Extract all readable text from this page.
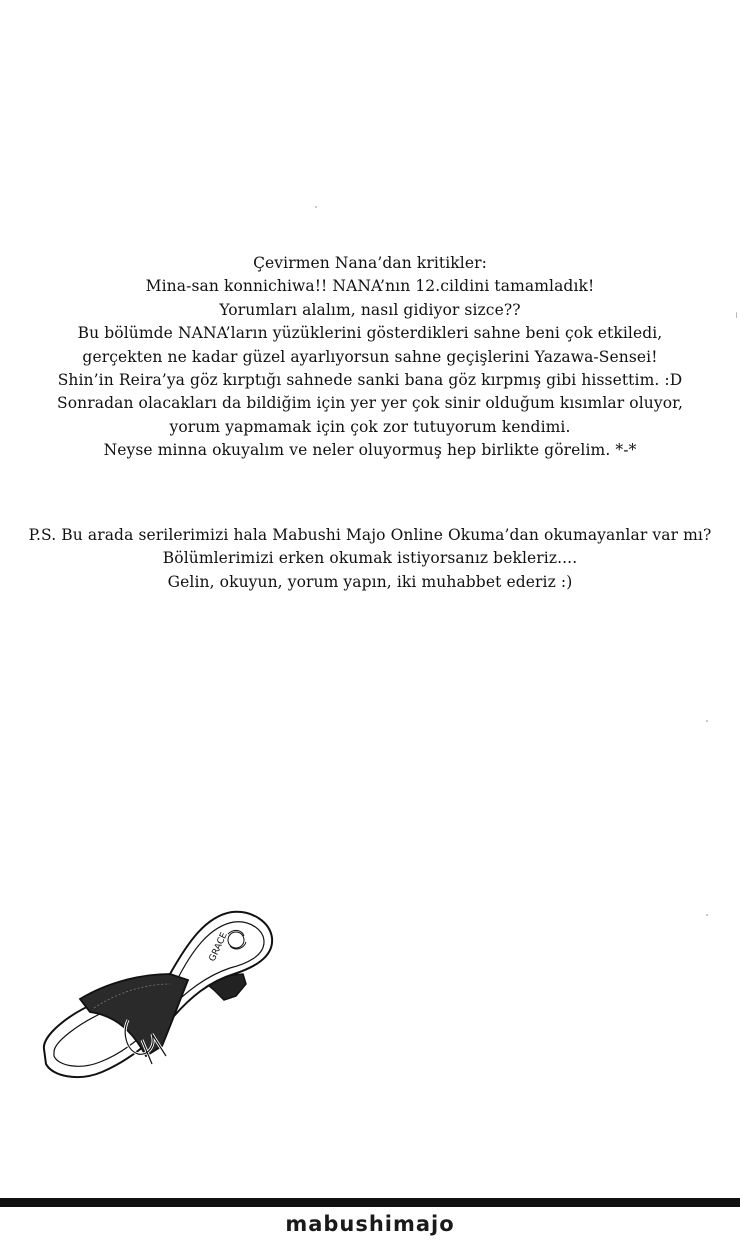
Çevirmen Nana’dan kritikler:
Mina-san konnichiwa!! NANA’nın 12.cildini tamamladık!
Yorumları alalım, nasıl gidiyor sizce??
Bu bölümde NANA’ların yüzüklerini gösterdikleri sahne beni çok etkiledi,
gerçekten ne kadar güzel ayarlıyorsun sahne geçişlerini Yazawa-Sensei!
Shin’in Reira’ya göz kırptığı sahnede sanki bana göz kırpmış gibi hissettim. :D
Sonradan olacakları da bildiğim için yer yer çok sinir olduğum kısımlar oluyor,
yorum yapmamak için çok zor tutuyorum kendimi.
Neyse minna okuyalım ve neler oluyormuş hep birlikte görelim. *-*
P.S. Bu arada serilerimizi hala Mabushi Majo Online Okuma’dan okumayanlar var mı?
Bölümlerimizi erken okumak istiyorsanız bekleriz....
Gelin, okuyun, yorum yapın, iki muhabbet ederiz :)
GRACE
mabushimajo
